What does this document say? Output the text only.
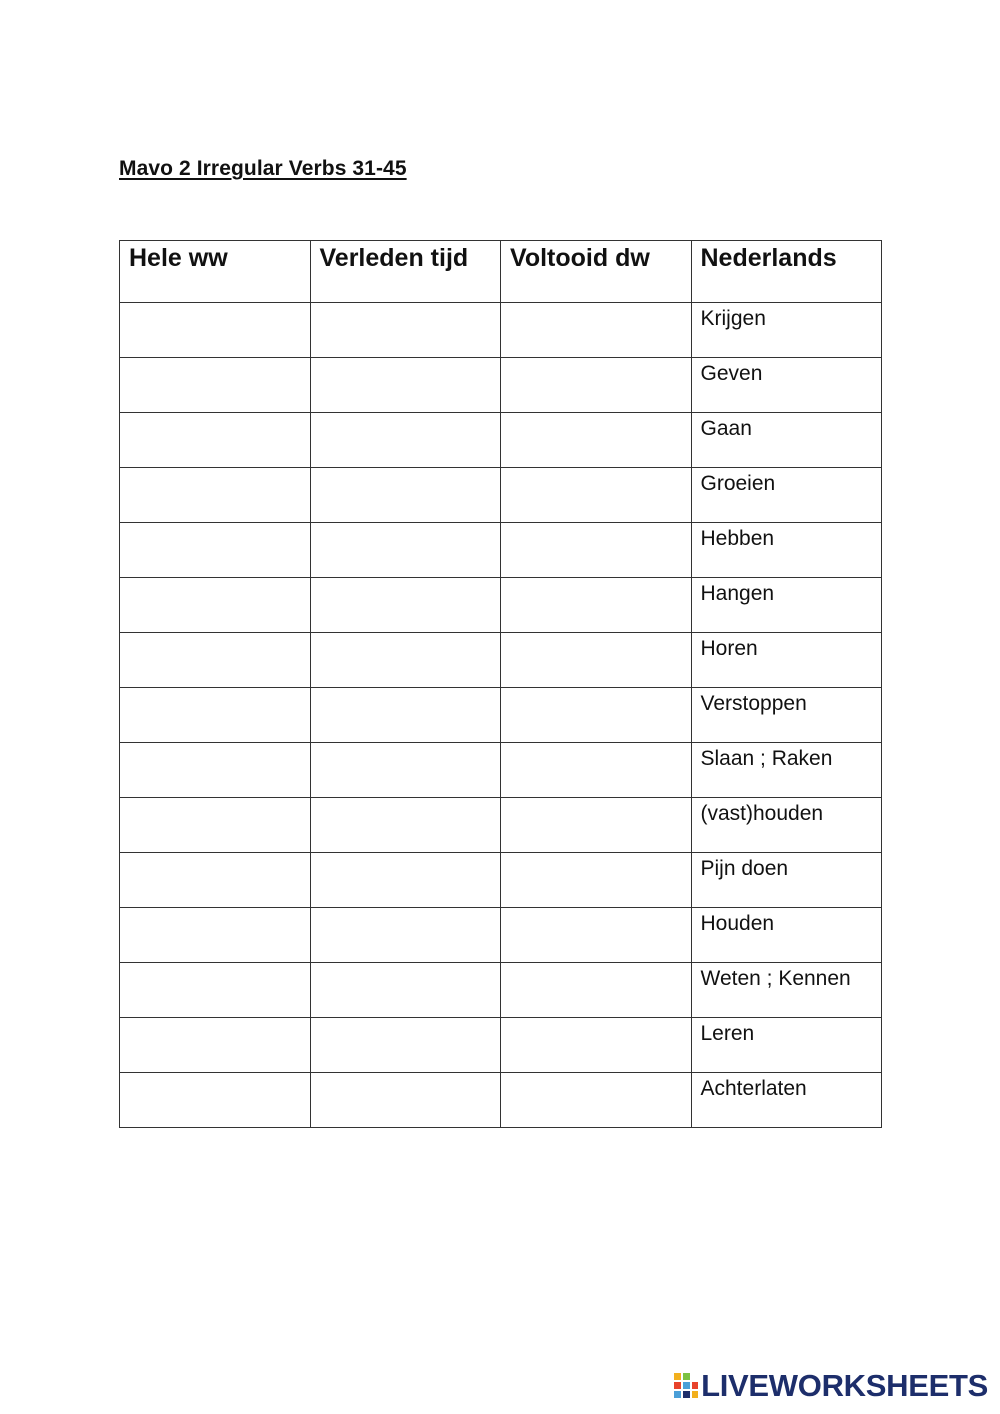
Mavo 2 Irregular Verbs 31-45
Hele ww	Verleden tijd	Voltooid dw	Nederlands
			Krijgen
			Geven
			Gaan
			Groeien
			Hebben
			Hangen
			Horen
			Verstoppen
			Slaan ; Raken
			(vast)houden
			Pijn doen
			Houden
			Weten ; Kennen
			Leren
			Achterlaten
LIVEWORKSHEETS
